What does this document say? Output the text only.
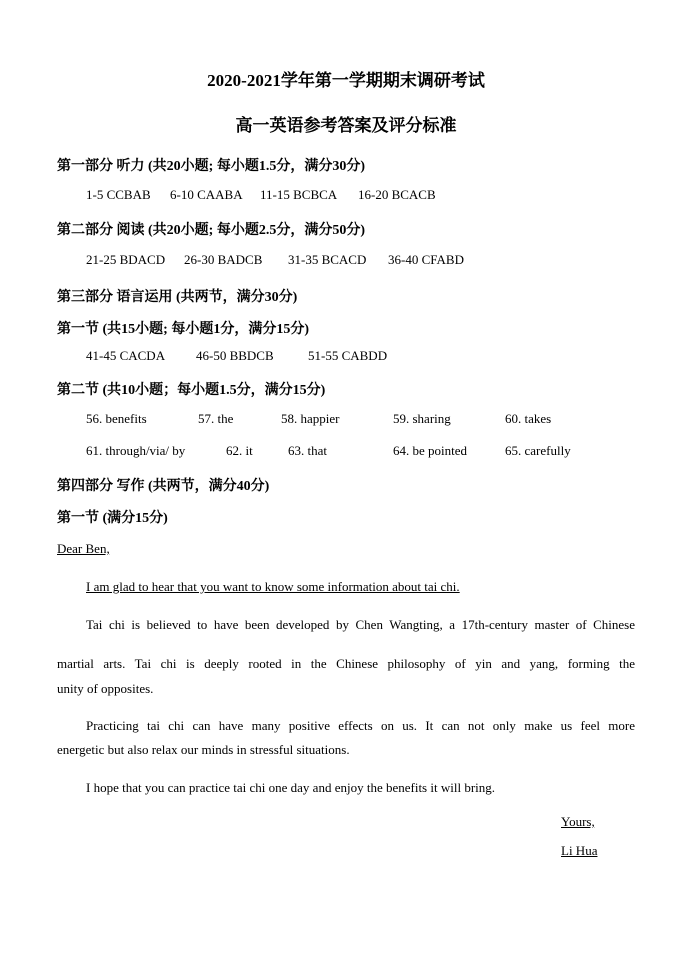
2020-2021学年第一学期期末调研考试
高一英语参考答案及评分标准
第一部分 听力 (共20小题; 每小题1.5分，满分30分)
1-5 CCBAB 6-10 CAABA 11-15 BCBCA 16-20 BCACB
第二部分 阅读 (共20小题; 每小题2.5分，满分50分)
21-25 BDACD 26-30 BADCB 31-35 BCACD 36-40 CFABD
第三部分 语言运用 (共两节，满分30分)
第一节 (共15小题; 每小题1分，满分15分)
41-45 CACDA 46-50 BBDCB	51-55 CABDD
第二节 (共10小题；每小题1.5分，满分15分)
56. benefits	57. the	58. happier	59. sharing	60. takes
61. through/via/ by	62. it	63. that	64. be pointed	65. carefully
第四部分 写作 (共两节，满分40分)
第一节 (满分15分)
Dear Ben,
I am glad to hear that you want to know some information about tai chi.
Tai chi is believed to have been developed by Chen Wangting, a 17th-century master of Chinese
martial arts. Tai chi is deeply rooted in the Chinese philosophy of yin and yang, forming the
unity of opposites.
Practicing tai chi can have many positive effects on us. It can not only make us feel more
energetic but also relax our minds in stressful situations.
I hope that you can practice tai chi one day and enjoy the benefits it will bring.
Yours,
Li Hua
